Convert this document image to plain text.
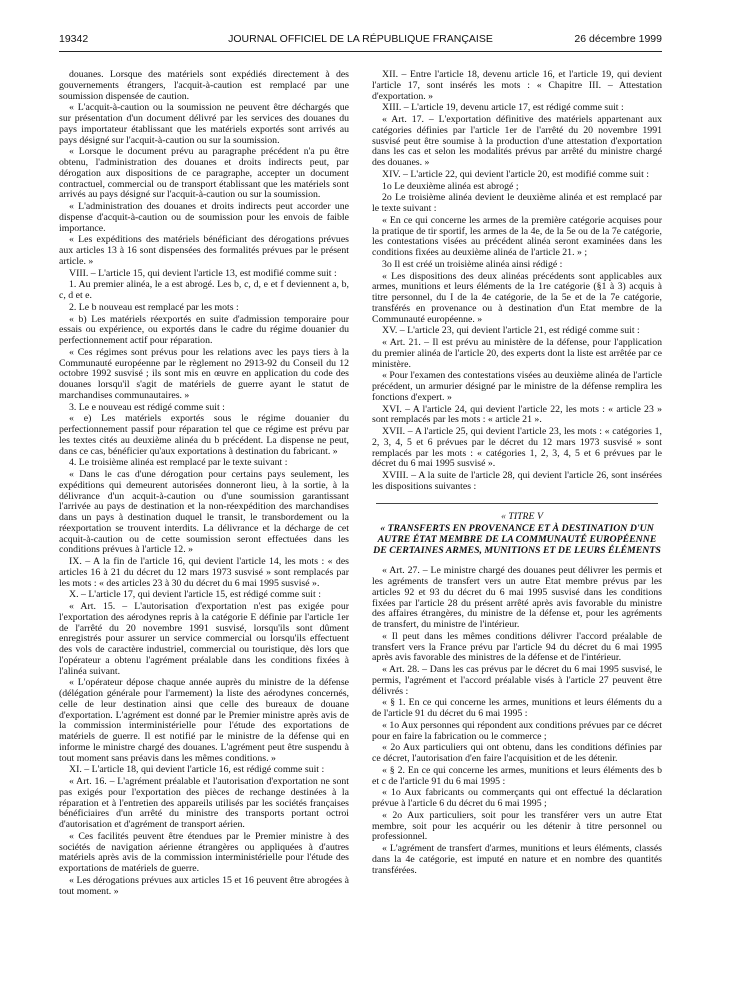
19342	JOURNAL OFFICIEL DE LA RÉPUBLIQUE FRANÇAISE	26 décembre 1999

douanes. Lorsque des matériels sont expédiés directement à des gouvernements étrangers, l'acquit-à-caution est remplacé par une soumission dispensée de caution.

« L'acquit-à-caution ou la soumission ne peuvent être déchargés que sur présentation d'un document délivré par les services des douanes du pays importateur établissant que les matériels exportés sont arrivés au pays désigné sur l'acquit-à-caution ou sur la soumission.

« Lorsque le document prévu au paragraphe précédent n'a pu être obtenu, l'administration des douanes et droits indirects peut, par dérogation aux dispositions de ce paragraphe, accepter un document contractuel, commercial ou de transport établissant que les matériels sont arrivés au pays désigné sur l'acquit-à-caution ou sur la soumission.

« L'administration des douanes et droits indirects peut accorder une dispense d'acquit-à-caution ou de soumission pour les envois de faible importance.

« Les expéditions des matériels bénéficiant des dérogations prévues aux articles 13 à 16 sont dispensées des formalités prévues par le présent article. »

VIII. – L'article 15, qui devient l'article 13, est modifié comme suit :

1. Au premier alinéa, le a est abrogé. Les b, c, d, e et f deviennent a, b, c, d et e.

2. Le b nouveau est remplacé par les mots :

« b) Les matériels réexportés en suite d'admission temporaire pour essais ou expérience, ou exportés dans le cadre du régime douanier du perfectionnement actif pour réparation.

« Ces régimes sont prévus pour les relations avec les pays tiers à la Communauté européenne par le règlement no 2913-92 du Conseil du 12 octobre 1992 susvisé ; ils sont mis en œuvre en application du code des douanes lorsqu'il s'agit de matériels de guerre ayant le statut de marchandises communautaires. »

3. Le e nouveau est rédigé comme suit :

« e) Les matériels exportés sous le régime douanier du perfectionnement passif pour réparation tel que ce régime est prévu par les textes cités au deuxième alinéa du b précédent. La dispense ne peut, dans ce cas, bénéficier qu'aux exportations à destination du fabricant. »

4. Le troisième alinéa est remplacé par le texte suivant :

« Dans le cas d'une dérogation pour certains pays seulement, les expéditions qui demeurent autorisées donneront lieu, à la sortie, à la délivrance d'un acquit-à-caution ou d'une soumission garantissant l'arrivée au pays de destination et la non-réexpédition des marchandises dans un pays à destination duquel le transit, le transbordement ou la réexportation se trouvent interdits. La délivrance et la décharge de cet acquit-à-caution ou de cette soumission seront effectuées dans les conditions prévues à l'article 12. »

IX. – A la fin de l'article 16, qui devient l'article 14, les mots : « des articles 16 à 21 du décret du 12 mars 1973 susvisé » sont remplacés par les mots : « des articles 23 à 30 du décret du 6 mai 1995 susvisé ».

X. – L'article 17, qui devient l'article 15, est rédigé comme suit :

« Art. 15. – L'autorisation d'exportation n'est pas exigée pour l'exportation des aérodynes repris à la catégorie E définie par l'article 1er de l'arrêté du 20 novembre 1991 susvisé, lorsqu'ils sont dûment enregistrés pour assurer un service commercial ou lorsqu'ils effectuent des vols de caractère industriel, commercial ou touristique, dès lors que l'opérateur a obtenu l'agrément préalable dans les conditions fixées à l'alinéa suivant.

« L'opérateur dépose chaque année auprès du ministre de la défense (délégation générale pour l'armement) la liste des aérodynes concernés, celle de leur destination ainsi que celle des bureaux de douane d'exportation. L'agrément est donné par le Premier ministre après avis de la commission interministérielle pour l'étude des exportations de matériels de guerre. Il est notifié par le ministre de la défense qui en informe le ministre chargé des douanes. L'agrément peut être suspendu à tout moment sans préavis dans les mêmes conditions. »

XI. – L'article 18, qui devient l'article 16, est rédigé comme suit :

« Art. 16. – L'agrément préalable et l'autorisation d'exportation ne sont pas exigés pour l'exportation des pièces de rechange destinées à la réparation et à l'entretien des appareils utilisés par les sociétés françaises bénéficiaires d'un arrêté du ministre des transports portant octroi d'autorisation et d'agrément de transport aérien.

« Ces facilités peuvent être étendues par le Premier ministre à des sociétés de navigation aérienne étrangères ou appliquées à d'autres matériels après avis de la commission interministérielle pour l'étude des exportations de matériels de guerre.

« Les dérogations prévues aux articles 15 et 16 peuvent être abrogées à tout moment. »

XII. – Entre l'article 18, devenu article 16, et l'article 19, qui devient l'article 17, sont insérés les mots : « Chapitre III. – Attestation d'exportation. »

XIII. – L'article 19, devenu article 17, est rédigé comme suit :

« Art. 17. – L'exportation définitive des matériels appartenant aux catégories définies par l'article 1er de l'arrêté du 20 novembre 1991 susvisé peut être soumise à la production d'une attestation d'exportation dans les cas et selon les modalités prévus par arrêté du ministre chargé des douanes. »

XIV. – L'article 22, qui devient l'article 20, est modifié comme suit :

1o Le deuxième alinéa est abrogé ;

2o Le troisième alinéa devient le deuxième alinéa et est remplacé par le texte suivant :

« En ce qui concerne les armes de la première catégorie acquises pour la pratique de tir sportif, les armes de la 4e, de la 5e ou de la 7e catégorie, les contestations visées au précédent alinéa seront examinées dans les conditions fixées au deuxième alinéa de l'article 21. » ;

3o Il est créé un troisième alinéa ainsi rédigé :

« Les dispositions des deux alinéas précédents sont applicables aux armes, munitions et leurs éléments de la 1re catégorie (§1 à 3) acquis à titre personnel, du I de la 4e catégorie, de la 5e et de la 7e catégorie, transférés en provenance ou à destination d'un Etat membre de la Communauté européenne. »

XV. – L'article 23, qui devient l'article 21, est rédigé comme suit :

« Art. 21. – Il est prévu au ministère de la défense, pour l'application du premier alinéa de l'article 20, des experts dont la liste est arrêtée par ce ministère.

« Pour l'examen des contestations visées au deuxième alinéa de l'article précédent, un armurier désigné par le ministre de la défense remplira les fonctions d'expert. »

XVI. – A l'article 24, qui devient l'article 22, les mots : « article 23 » sont remplacés par les mots : « article 21 ».

XVII. – A l'article 25, qui devient l'article 23, les mots : « catégories 1, 2, 3, 4, 5 et 6 prévues par le décret du 12 mars 1973 susvisé » sont remplacés par les mots : « catégories 1, 2, 3, 4, 5 et 6 prévues par le décret du 6 mai 1995 susvisé ».

XVIII. – A la suite de l'article 28, qui devient l'article 26, sont insérées les dispositions suivantes :

« TITRE V

« TRANSFERTS EN PROVENANCE ET À DESTINATION D'UN AUTRE ÉTAT MEMBRE DE LA COMMUNAUTÉ EUROPÉENNE DE CERTAINES ARMES, MUNITIONS ET DE LEURS ÉLÉMENTS

« Art. 27. – Le ministre chargé des douanes peut délivrer les permis et les agréments de transfert vers un autre Etat membre prévus par les articles 92 et 93 du décret du 6 mai 1995 susvisé dans les conditions fixées par l'article 28 du présent arrêté après avis favorable du ministre des affaires étrangères, du ministre de la défense et, pour les agréments de transfert, du ministre de l'intérieur.

« Il peut dans les mêmes conditions délivrer l'accord préalable de transfert vers la France prévu par l'article 94 du décret du 6 mai 1995 après avis favorable des ministres de la défense et de l'intérieur.

« Art. 28. – Dans les cas prévus par le décret du 6 mai 1995 susvisé, le permis, l'agrément et l'accord préalable visés à l'article 27 peuvent être délivrés :

« § 1. En ce qui concerne les armes, munitions et leurs éléments du a de l'article 91 du décret du 6 mai 1995 :

« 1o Aux personnes qui répondent aux conditions prévues par ce décret pour en faire la fabrication ou le commerce ;

« 2o Aux particuliers qui ont obtenu, dans les conditions définies par ce décret, l'autorisation d'en faire l'acquisition et de les détenir.

« § 2. En ce qui concerne les armes, munitions et leurs éléments des b et c de l'article 91 du 6 mai 1995 :

« 1o Aux fabricants ou commerçants qui ont effectué la déclaration prévue à l'article 6 du décret du 6 mai 1995 ;

« 2o Aux particuliers, soit pour les transférer vers un autre Etat membre, soit pour les acquérir ou les détenir à titre personnel ou professionnel.

« L'agrément de transfert d'armes, munitions et leurs éléments, classés dans la 4e catégorie, est imputé en nature et en nombre des quantités transférées.
